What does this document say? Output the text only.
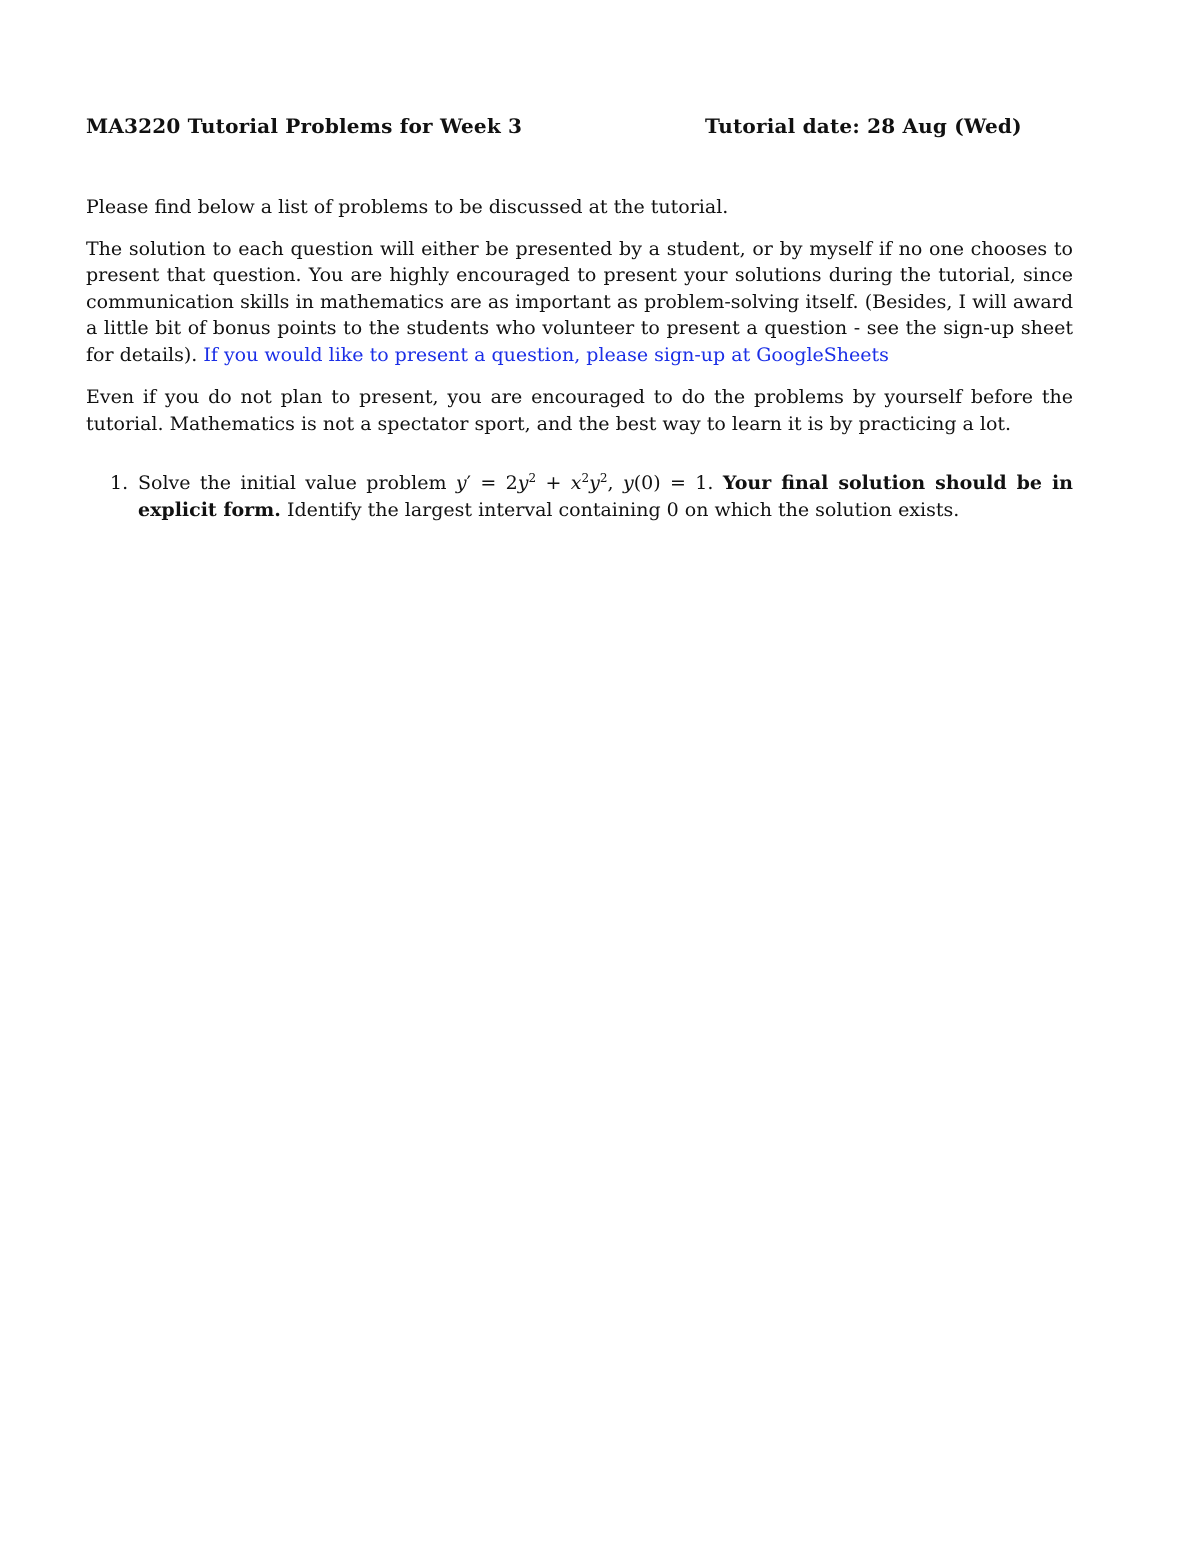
MA3220 Tutorial Problems for Week 3	Tutorial date: 28 Aug (Wed)

Please find below a list of problems to be discussed at the tutorial.

The solution to each question will either be presented by a student, or by myself if no one chooses to present that question. You are highly encouraged to present your solutions during the tutorial, since communication skills in mathematics are as important as problem-solving itself. (Besides, I will award a little bit of bonus points to the students who volunteer to present a question - see the sign-up sheet for details). If you would like to present a question, please sign-up at GoogleSheets

Even if you do not plan to present, you are encouraged to do the problems by yourself before the tutorial. Mathematics is not a spectator sport, and the best way to learn it is by practicing a lot.

1. Solve the initial value problem $y' = 2y^2 + x^2y^2$, y(0) = 1. Your final solution should be in explicit form. Identify the largest interval containing 0 on which the solution exists.
